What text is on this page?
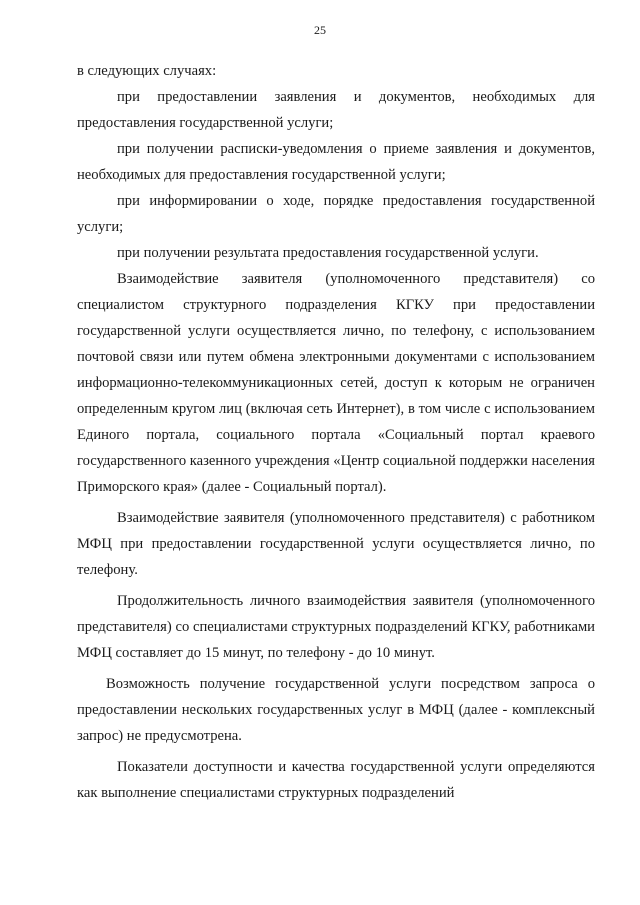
25

в следующих случаях:

при предоставлении заявления и документов, необходимых для предоставления государственной услуги;

при получении расписки-уведомления о приеме заявления и документов, необходимых для предоставления государственной услуги;

при информировании о ходе, порядке предоставления государственной услуги;

при получении результата предоставления государственной услуги.

Взаимодействие заявителя (уполномоченного представителя) со специалистом структурного подразделения КГКУ при предоставлении государственной услуги осуществляется лично, по телефону, с использованием почтовой связи или путем обмена электронными документами с использованием информационно-телекоммуникационных сетей, доступ к которым не ограничен определенным кругом лиц (включая сеть Интернет), в том числе с использованием Единого портала, социального портала «Социальный портал краевого государственного казенного учреждения «Центр социальной поддержки населения Приморского края» (далее - Социальный портал).

Взаимодействие заявителя (уполномоченного представителя) с работником МФЦ при предоставлении государственной услуги осуществляется лично, по телефону.

Продолжительность личного взаимодействия заявителя (уполномоченного представителя) со специалистами структурных подразделений КГКУ, работниками МФЦ составляет до 15 минут, по телефону - до 10 минут.

Возможность получение государственной услуги посредством запроса о предоставлении нескольких государственных услуг в МФЦ (далее - комплексный запрос) не предусмотрена.

Показатели доступности и качества государственной услуги определяются как выполнение специалистами структурных подразделений
